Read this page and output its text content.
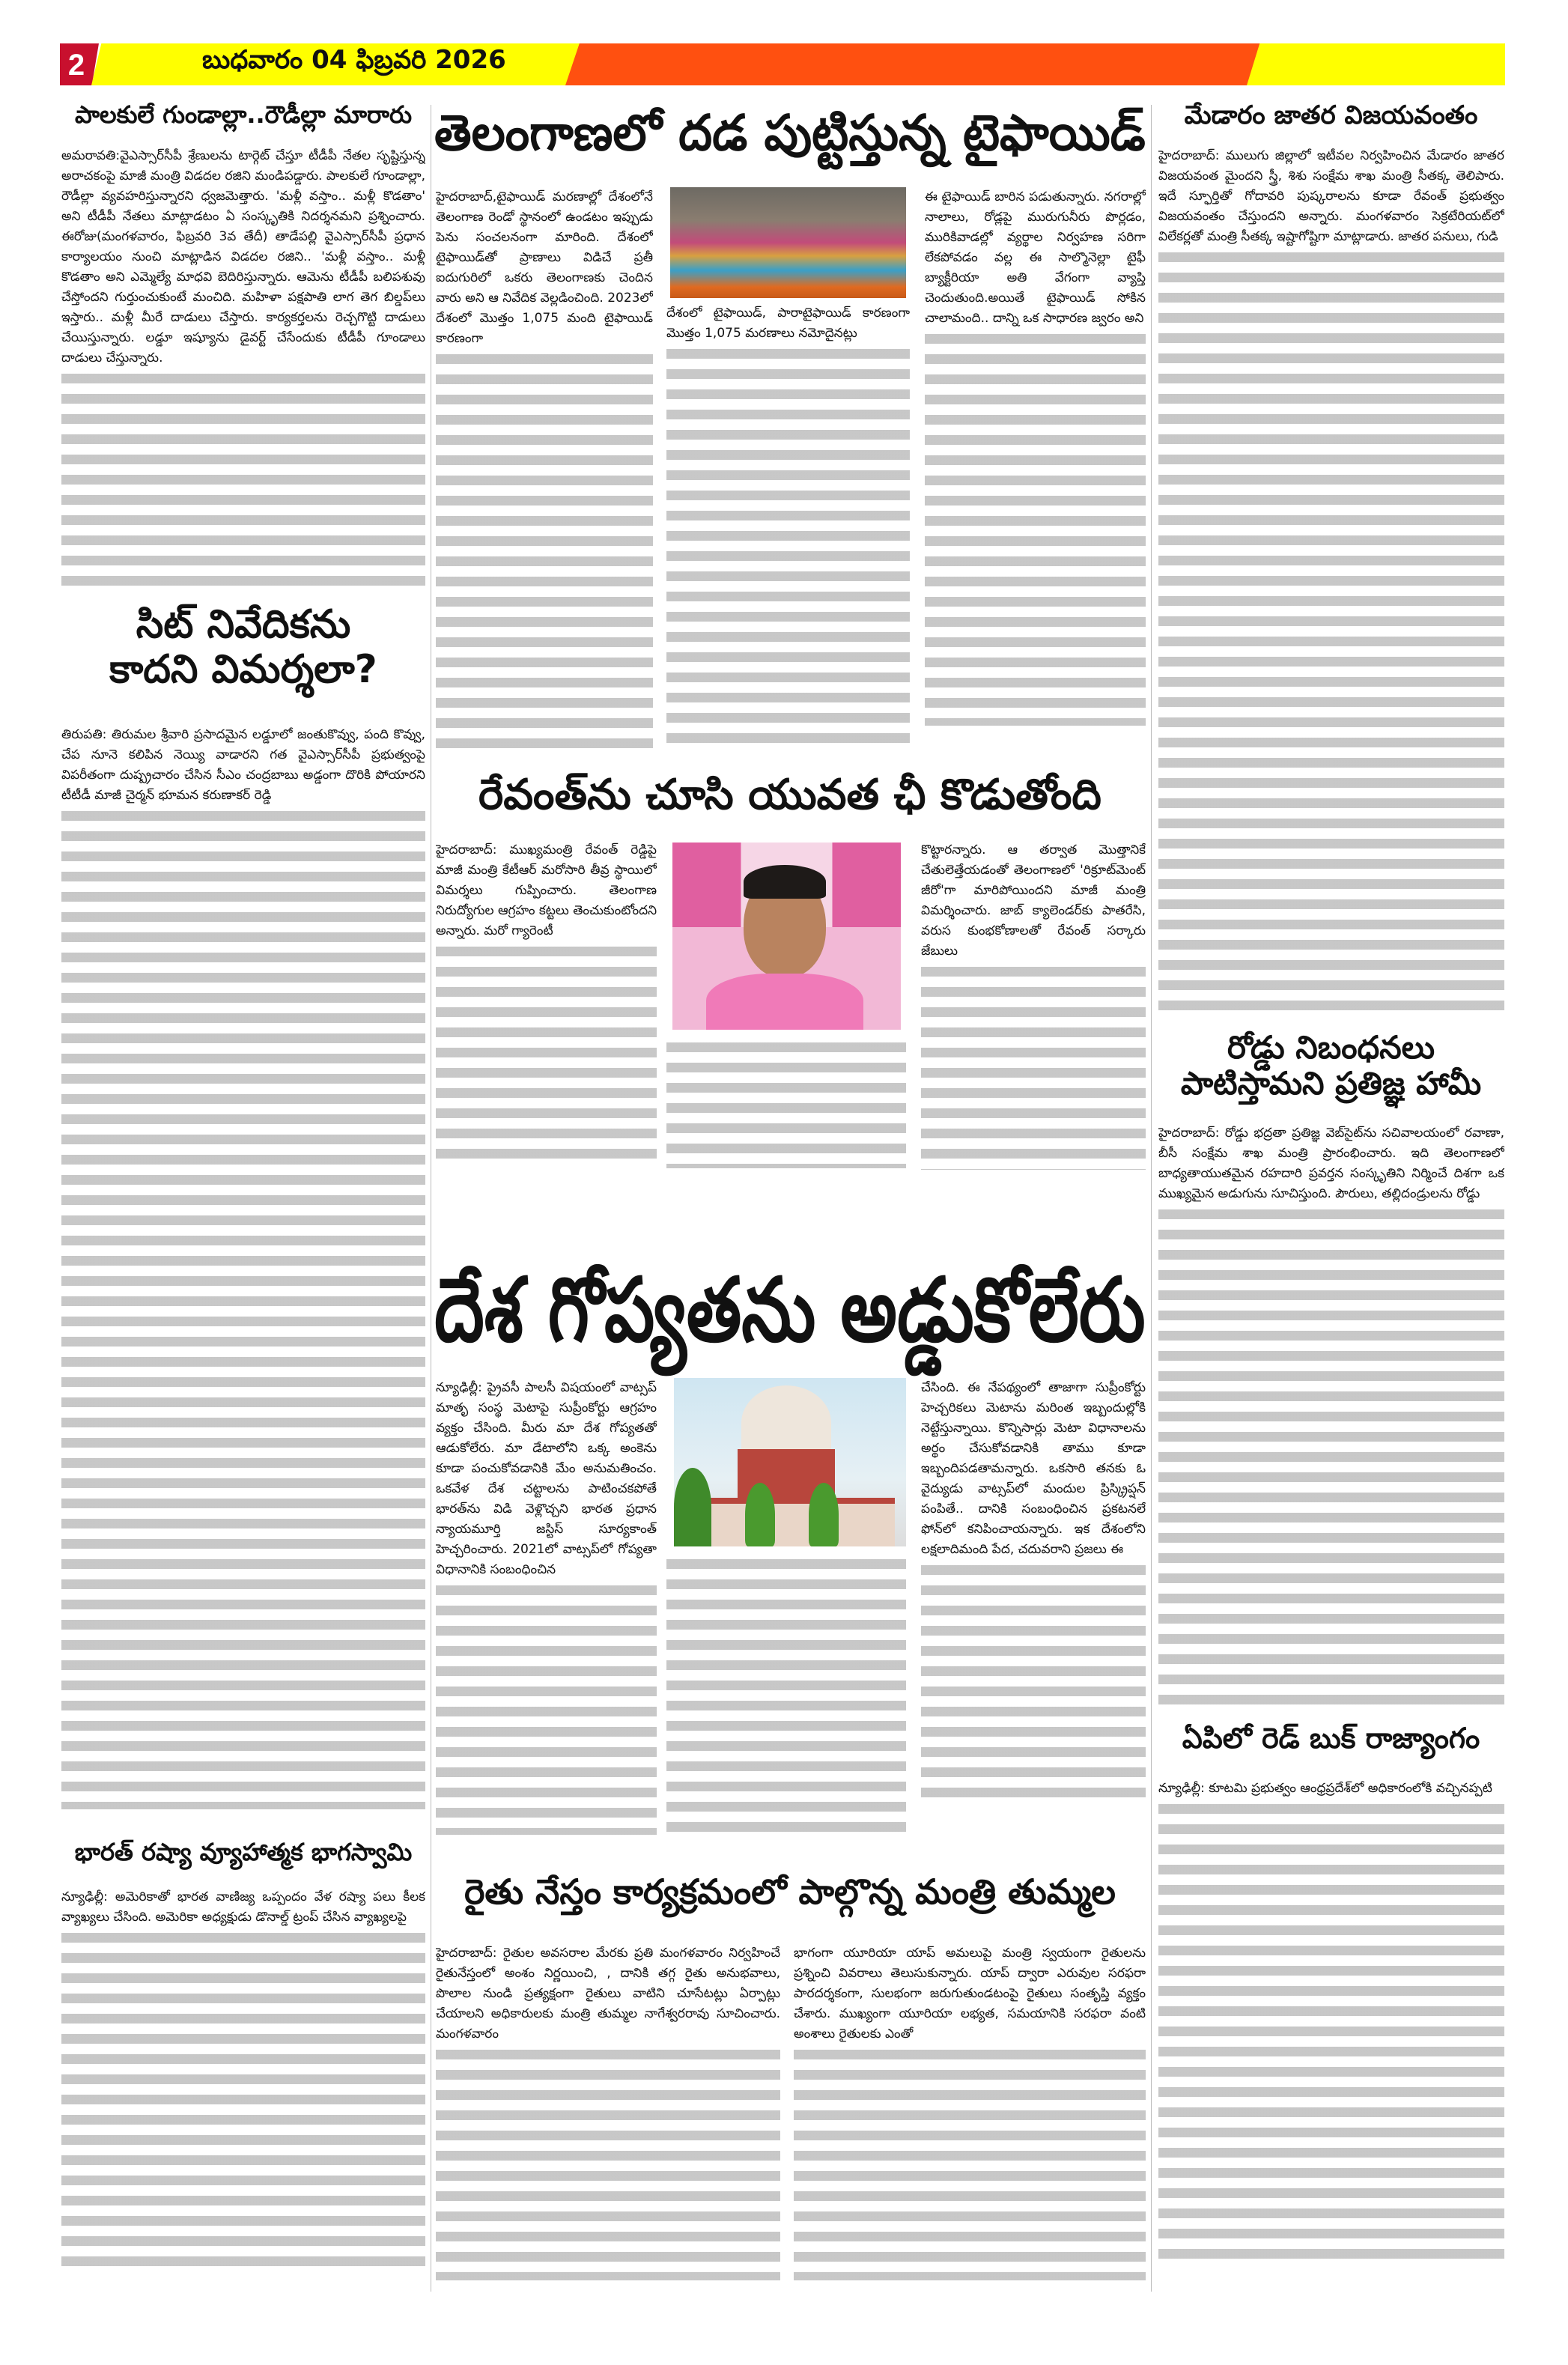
2	బుధవారం 04 ఫిబ్రవరి 2026
పాలకులే గుండాల్లా..రౌడీల్లా మారారు

అమరావతి:వైఎస్సార్‌సీపీ శ్రేణులను టార్గెట్ చేస్తూ టీడీపీ నేతల సృష్టిస్తున్న అరాచకంపై మాజీ మంత్రి విడదల రజిని మండిపడ్డారు. పాలకులే గూండాల్లా, రౌడీల్లా వ్యవహరిస్తున్నారని ధ్వజమెత్తారు. 'మళ్లీ వస్తాం.. మళ్లీ కొడతాం' అని టీడీపీ నేతలు మాట్లాడటం ఏ సంస్కృతికి నిదర్శనమని ప్రశ్నించారు. ఈరోజు(మంగళవారం, ఫిబ్రవరి 3వ తేదీ) తాడేపల్లి వైఎస్సార్‌సీపీ ప్రధాన కార్యాలయం నుంచి మాట్లాడిన విడదల రజిని.. 'మళ్లీ వస్తాం.. మళ్లీ కొడతాం అని ఎమ్మెల్యే మాధవి బెదిరిస్తున్నారు. ఆమెను టీడీపీ బలిపశువు చేస్తోందని గుర్తుంచుకుంటే మంచిది. మహిళా పక్షపాతి లాగ తెగ బిల్డప్‌లు ఇస్తారు.. మళ్లీ మీరే దాడులు చేస్తారు. కార్యకర్తలను రెచ్చగొట్టి దాడులు చేయిస్తున్నారు. లడ్డూ ఇష్యూను డైవర్ట్ చేసేందుకు టీడీపీ గూండాలు దాడులు చేస్తున్నారు.

సిట్ నివేదికను
కాదని విమర్శలా?

తిరుపతి: తిరుమల శ్రీవారి ప్రసాదమైన లడ్డూలో జంతుకొవ్వు, పంది కొవ్వు, చేప నూనె కలిపిన నెయ్యి వాడారని గత వైఎస్సార్‌సీపీ ప్రభుత్వంపై విపరీతంగా దుష్ప్రచారం చేసిన సీఎం చంద్రబాబు అడ్డంగా దొరికి పోయారని టీటీడీ మాజీ చైర్మన్ భూమన కరుణాకర్ రెడ్డి

భారత్ రష్యా వ్యూహాత్మక భాగస్వామి

న్యూఢిల్లీ: అమెరికాతో భారత వాణిజ్య ఒప్పందం వేళ రష్యా పలు కీలక వ్యాఖ్యలు చేసింది. అమెరికా అధ్యక్షుడు డొనాల్డ్ ట్రంప్ చేసిన వ్యాఖ్యలపై

హైదరాబాద్,టైఫాయిడ్ మరణాల్లో దేశంలోనే తెలంగాణ రెండో స్థానంలో ఉండటం ఇప్పుడు పెను సంచలనంగా మారింది. దేశంలో టైఫాయిడ్‌తో ప్రాణాలు విడిచే ప్రతీ ఐదుగురిలో ఒకరు తెలంగాణకు చెందిన వారు అని ఆ నివేదిక వెల్లడించింది. 2023లో దేశంలో మొత్తం 1,075 మంది టైఫాయిడ్ కారణంగా

దేశంలో టైఫాయిడ్, పారాటైఫాయిడ్ కారణంగా మొత్తం 1,075 మరణాలు నమోదైనట్లు

ఈ టైఫాయిడ్ బారిన పడుతున్నారు. నగరాల్లో నాలాలు, రోడ్లపై మురుగునీరు పొర్లడం, మురికివాడల్లో వ్యర్థాల నిర్వహణ సరిగా లేకపోవడం వల్ల ఈ సాల్మొనెల్లా టైఫీ బ్యాక్టీరియా అతి వేగంగా వ్యాప్తి చెందుతుంది.అయితే టైఫాయిడ్ సోకిన చాలామంది.. దాన్ని ఒక సాధారణ జ్వరం అని

తెలంగాణలో దడ పుట్టిస్తున్న టైఫాయిడ్

హైదరాబాద్: ముఖ్యమంత్రి రేవంత్ రెడ్డిపై మాజీ మంత్రి కేటీఆర్ మరోసారి తీవ్ర స్థాయిలో విమర్శలు గుప్పించారు. తెలంగాణ నిరుద్యోగుల ఆగ్రహం కట్టలు తెంచుకుంటోందని అన్నారు. మరో గ్యారెంటీ

కొట్టారన్నారు. ఆ తర్వాత మొత్తానికే చేతులెత్తేయడంతో తెలంగాణలో 'రిక్రూట్‌మెంట్ జీరో'గా మారిపోయిందని మాజీ మంత్రి విమర్శించారు. జాబ్ క్యాలెండర్‌కు పాతరేసి, వరుస కుంభకోణాలతో రేవంత్ సర్కారు జేబులు

రేవంత్‌ను చూసి యువత ఛీ కొడుతోంది

న్యూఢిల్లీ: ప్రైవసీ పాలసీ విషయంలో వాట్సప్ మాతృ సంస్థ మెటాపై సుప్రీంకోర్టు ఆగ్రహం వ్యక్తం చేసింది. మీరు మా దేశ గోప్యతతో ఆడుకోలేరు. మా డేటాలోని ఒక్క అంకెను కూడా పంచుకోవడానికి మేం అనుమతించం. ఒకవేళ దేశ చట్టాలను పాటించకపోతే భారత్‌ను విడి వెళ్లొచ్చని భారత ప్రధాన న్యాయమూర్తి జస్టిస్ సూర్యకాంత్ హెచ్చరించారు. 2021లో వాట్సప్‌లో గోప్యతా విధానానికి సంబంధించిన

చేసింది. ఈ నేపథ్యంలో తాజాగా సుప్రీంకోర్టు హెచ్చరికలు మెటాను మరింత ఇబ్బందుల్లోకి నెట్టేస్తున్నాయి. కొన్నిసార్లు మెటా విధానాలను అర్థం చేసుకోవడానికి తాము కూడా ఇబ్బందిపడతామన్నారు. ఒకసారి తనకు ఓ వైద్యుడు వాట్సప్‌లో మందుల ప్రిస్క్రిప్షన్ పంపితే.. దానికి సంబంధించిన ప్రకటనలే ఫోన్‌లో కనిపించాయన్నారు. ఇక దేశంలోని లక్షలాదిమంది పేద, చదువరాని ప్రజలు ఈ

దేశ గోప్యతను అడ్డుకోలేరు

హైదరాబాద్: రైతుల అవసరాల మేరకు ప్రతి మంగళవారం నిర్వహించే రైతునేస్తంలో అంశం నిర్ణయించి, , దానికి తగ్గ రైతు అనుభవాలు, పొలాల నుండి ప్రత్యక్షంగా రైతులు వాటిని చూసేటట్లు ఏర్పాట్లు చేయాలని అధికారులకు మంత్రి తుమ్మల నాగేశ్వరరావు సూచించారు. మంగళవారం

భాగంగా యూరియా యాప్ అమలుపై మంత్రి స్వయంగా రైతులను ప్రశ్నించి వివరాలు తెలుసుకున్నారు. యాప్ ద్వారా ఎరువుల సరఫరా పారదర్శకంగా, సులభంగా జరుగుతుండటంపై రైతులు సంతృప్తి వ్యక్తం చేశారు. ముఖ్యంగా యూరియా లభ్యత, సమయానికి సరఫరా వంటి అంశాలు రైతులకు ఎంతో

రైతు నేస్తం కార్యక్రమంలో పాల్గొన్న మంత్రి తుమ్మల
మేడారం జాతర విజయవంతం

హైదరాబాద్: ములుగు జిల్లాలో ఇటీవల నిర్వహించిన మేడారం జాతర విజయవంత మైందని స్త్రీ, శిశు సంక్షేమ శాఖ మంత్రి సీతక్క తెలిపారు. ఇదే స్ఫూర్తితో గోదావరి పుష్కరాలను కూడా రేవంత్ ప్రభుత్వం విజయవంతం చేస్తుందని అన్నారు. మంగళవారం సెక్రటేరియట్‌లో విలేకర్లతో మంత్రి సీతక్క ఇష్టాగోష్టిగా మాట్లాడారు. జాతర పనులు, గుడి

రోడ్డు నిబంధనలు
పాటిస్తామని ప్రతిజ్ఞ హామీ

హైదరాబాద్: రోడ్డు భద్రతా ప్రతిజ్ఞ వెబ్‌సైట్‌ను సచివాలయంలో రవాణా, బీసీ సంక్షేమ శాఖ మంత్రి ప్రారంభించారు. ఇది తెలంగాణలో బాధ్యతాయుతమైన రహదారి ప్రవర్తన సంస్కృతిని నిర్మించే దిశగా ఒక ముఖ్యమైన అడుగును సూచిస్తుంది. పౌరులు, తల్లిదండ్రులను రోడ్డు

ఏపిలో రెడ్ బుక్ రాజ్యాంగం

న్యూఢిల్లీ: కూటమి ప్రభుత్వం ఆంధ్రప్రదేశ్‌లో అధికారంలోకి వచ్చినప్పటి
